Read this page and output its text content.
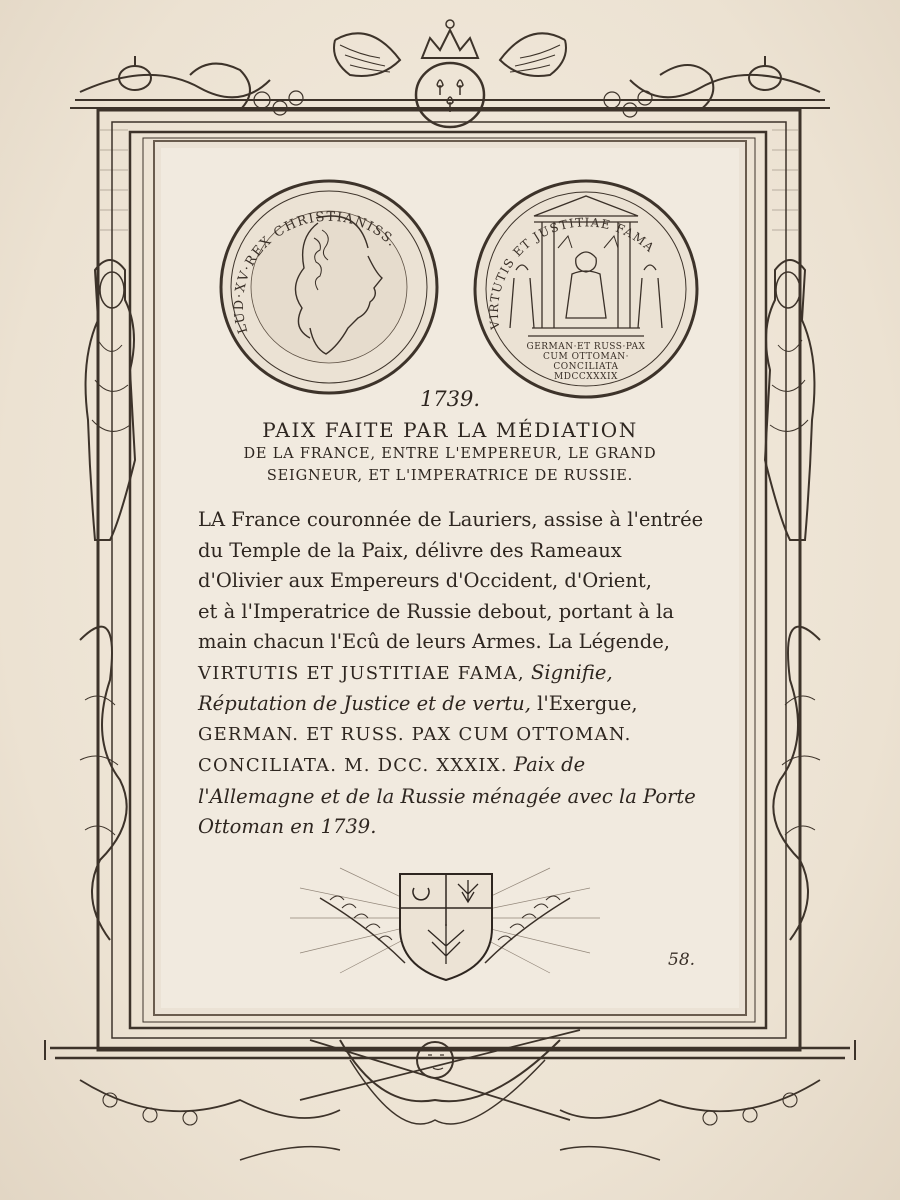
LUD·XV·REX CHRISTIANISS.
VIRTUTIS ET JUSTITIAE FAMA
GERMAN·ET RUSS·PAX
CUM OTTOMAN·
CONCILIATA
MDCCXXXIX
1739.
PAIX FAITE PAR LA MÉDIATION
DE LA FRANCE, ENTRE L'EMPEREUR, LE GRAND
SEIGNEUR, ET L'IMPERATRICE DE RUSSIE.
LA France couronnée de Lauriers, assise à l'entrée
du Temple de la Paix, délivre des Rameaux
d'Olivier aux Empereurs d'Occident, d'Orient,
et à l'Imperatrice de Russie debout, portant à la
main chacun l'Ecû de leurs Armes. La Légende,
VIRTUTIS ET JUSTITIAE FAMA, Signifie,
Réputation de Justice et de vertu, l'Exergue,
GERMAN. ET RUSS. PAX CUM OTTOMAN.
CONCILIATA. M. DCC. XXXIX. Paix de
l'Allemagne et de la Russie ménagée avec la Porte
Ottoman en 1739.
58.
